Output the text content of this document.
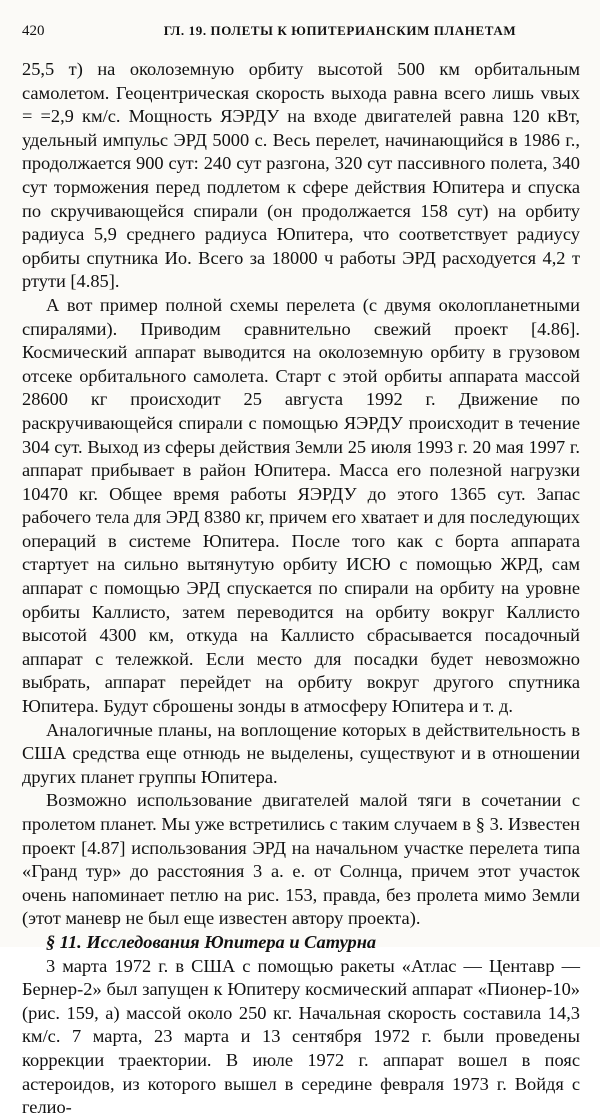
420	ГЛ. 19. ПОЛЕТЫ К ЮПИТЕРИАНСКИМ ПЛАНЕТАМ

25,5 т) на околоземную орбиту высотой 500 км орбитальным самолетом. Геоцентрическая скорость выхода равна всего лишь vвых = =2,9 км/с. Мощность ЯЭРДУ на входе двигателей равна 120 кВт, удельный импульс ЭРД 5000 с. Весь перелет, начинающийся в 1986 г., продолжается 900 сут: 240 сут разгона, 320 сут пассивного полета, 340 сут торможения перед подлетом к сфере действия Юпитера и спуска по скручивающейся спирали (он продолжается 158 сут) на орбиту радиуса 5,9 среднего радиуса Юпитера, что соответствует радиусу орбиты спутника Ио. Всего за 18000 ч работы ЭРД расходуется 4,2 т ртути [4.85].

А вот пример полной схемы перелета (с двумя околопланетными спиралями). Приводим сравнительно свежий проект [4.86]. Космический аппарат выводится на околоземную орбиту в грузовом отсеке орбитального самолета. Старт с этой орбиты аппарата массой 28600 кг происходит 25 августа 1992 г. Движение по раскручивающейся спирали с помощью ЯЭРДУ происходит в течение 304 сут. Выход из сферы действия Земли 25 июля 1993 г. 20 мая 1997 г. аппарат прибывает в район Юпитера. Масса его полезной нагрузки 10470 кг. Общее время работы ЯЭРДУ до этого 1365 сут. Запас рабочего тела для ЭРД 8380 кг, причем его хватает и для последующих операций в системе Юпитера. После того как с борта аппарата стартует на сильно вытянутую орбиту ИСЮ с помощью ЖРД, сам аппарат с помощью ЭРД спускается по спирали на орбиту на уровне орбиты Каллисто, затем переводится на орбиту вокруг Каллисто высотой 4300 км, откуда на Каллисто сбрасывается посадочный аппарат с тележкой. Если место для посадки будет невозможно выбрать, аппарат перейдет на орбиту вокруг другого спутника Юпитера. Будут сброшены зонды в атмосферу Юпитера и т. д.

Аналогичные планы, на воплощение которых в действительность в США средства еще отнюдь не выделены, существуют и в отношении других планет группы Юпитера.

Возможно использование двигателей малой тяги в сочетании с пролетом планет. Мы уже встретились с таким случаем в § 3. Известен проект [4.87] использования ЭРД на начальном участке перелета типа «Гранд тур» до расстояния 3 а. е. от Солнца, причем этот участок очень напоминает петлю на рис. 153, правда, без пролета мимо Земли (этот маневр не был еще известен автору проекта).

§ 11. Исследования Юпитера и Сатурна

3 марта 1972 г. в США с помощью ракеты «Атлас — Центавр — Бернер-2» был запущен к Юпитеру космический аппарат «Пионер-10» (рис. 159, а) массой около 250 кг. Начальная скорость составила 14,3 км/с. 7 марта, 23 марта и 13 сентября 1972 г. были проведены коррекции траектории. В июле 1972 г. аппарат вошел в пояс астероидов, из которого вышел в середине февраля 1973 г. Войдя с гелио-
